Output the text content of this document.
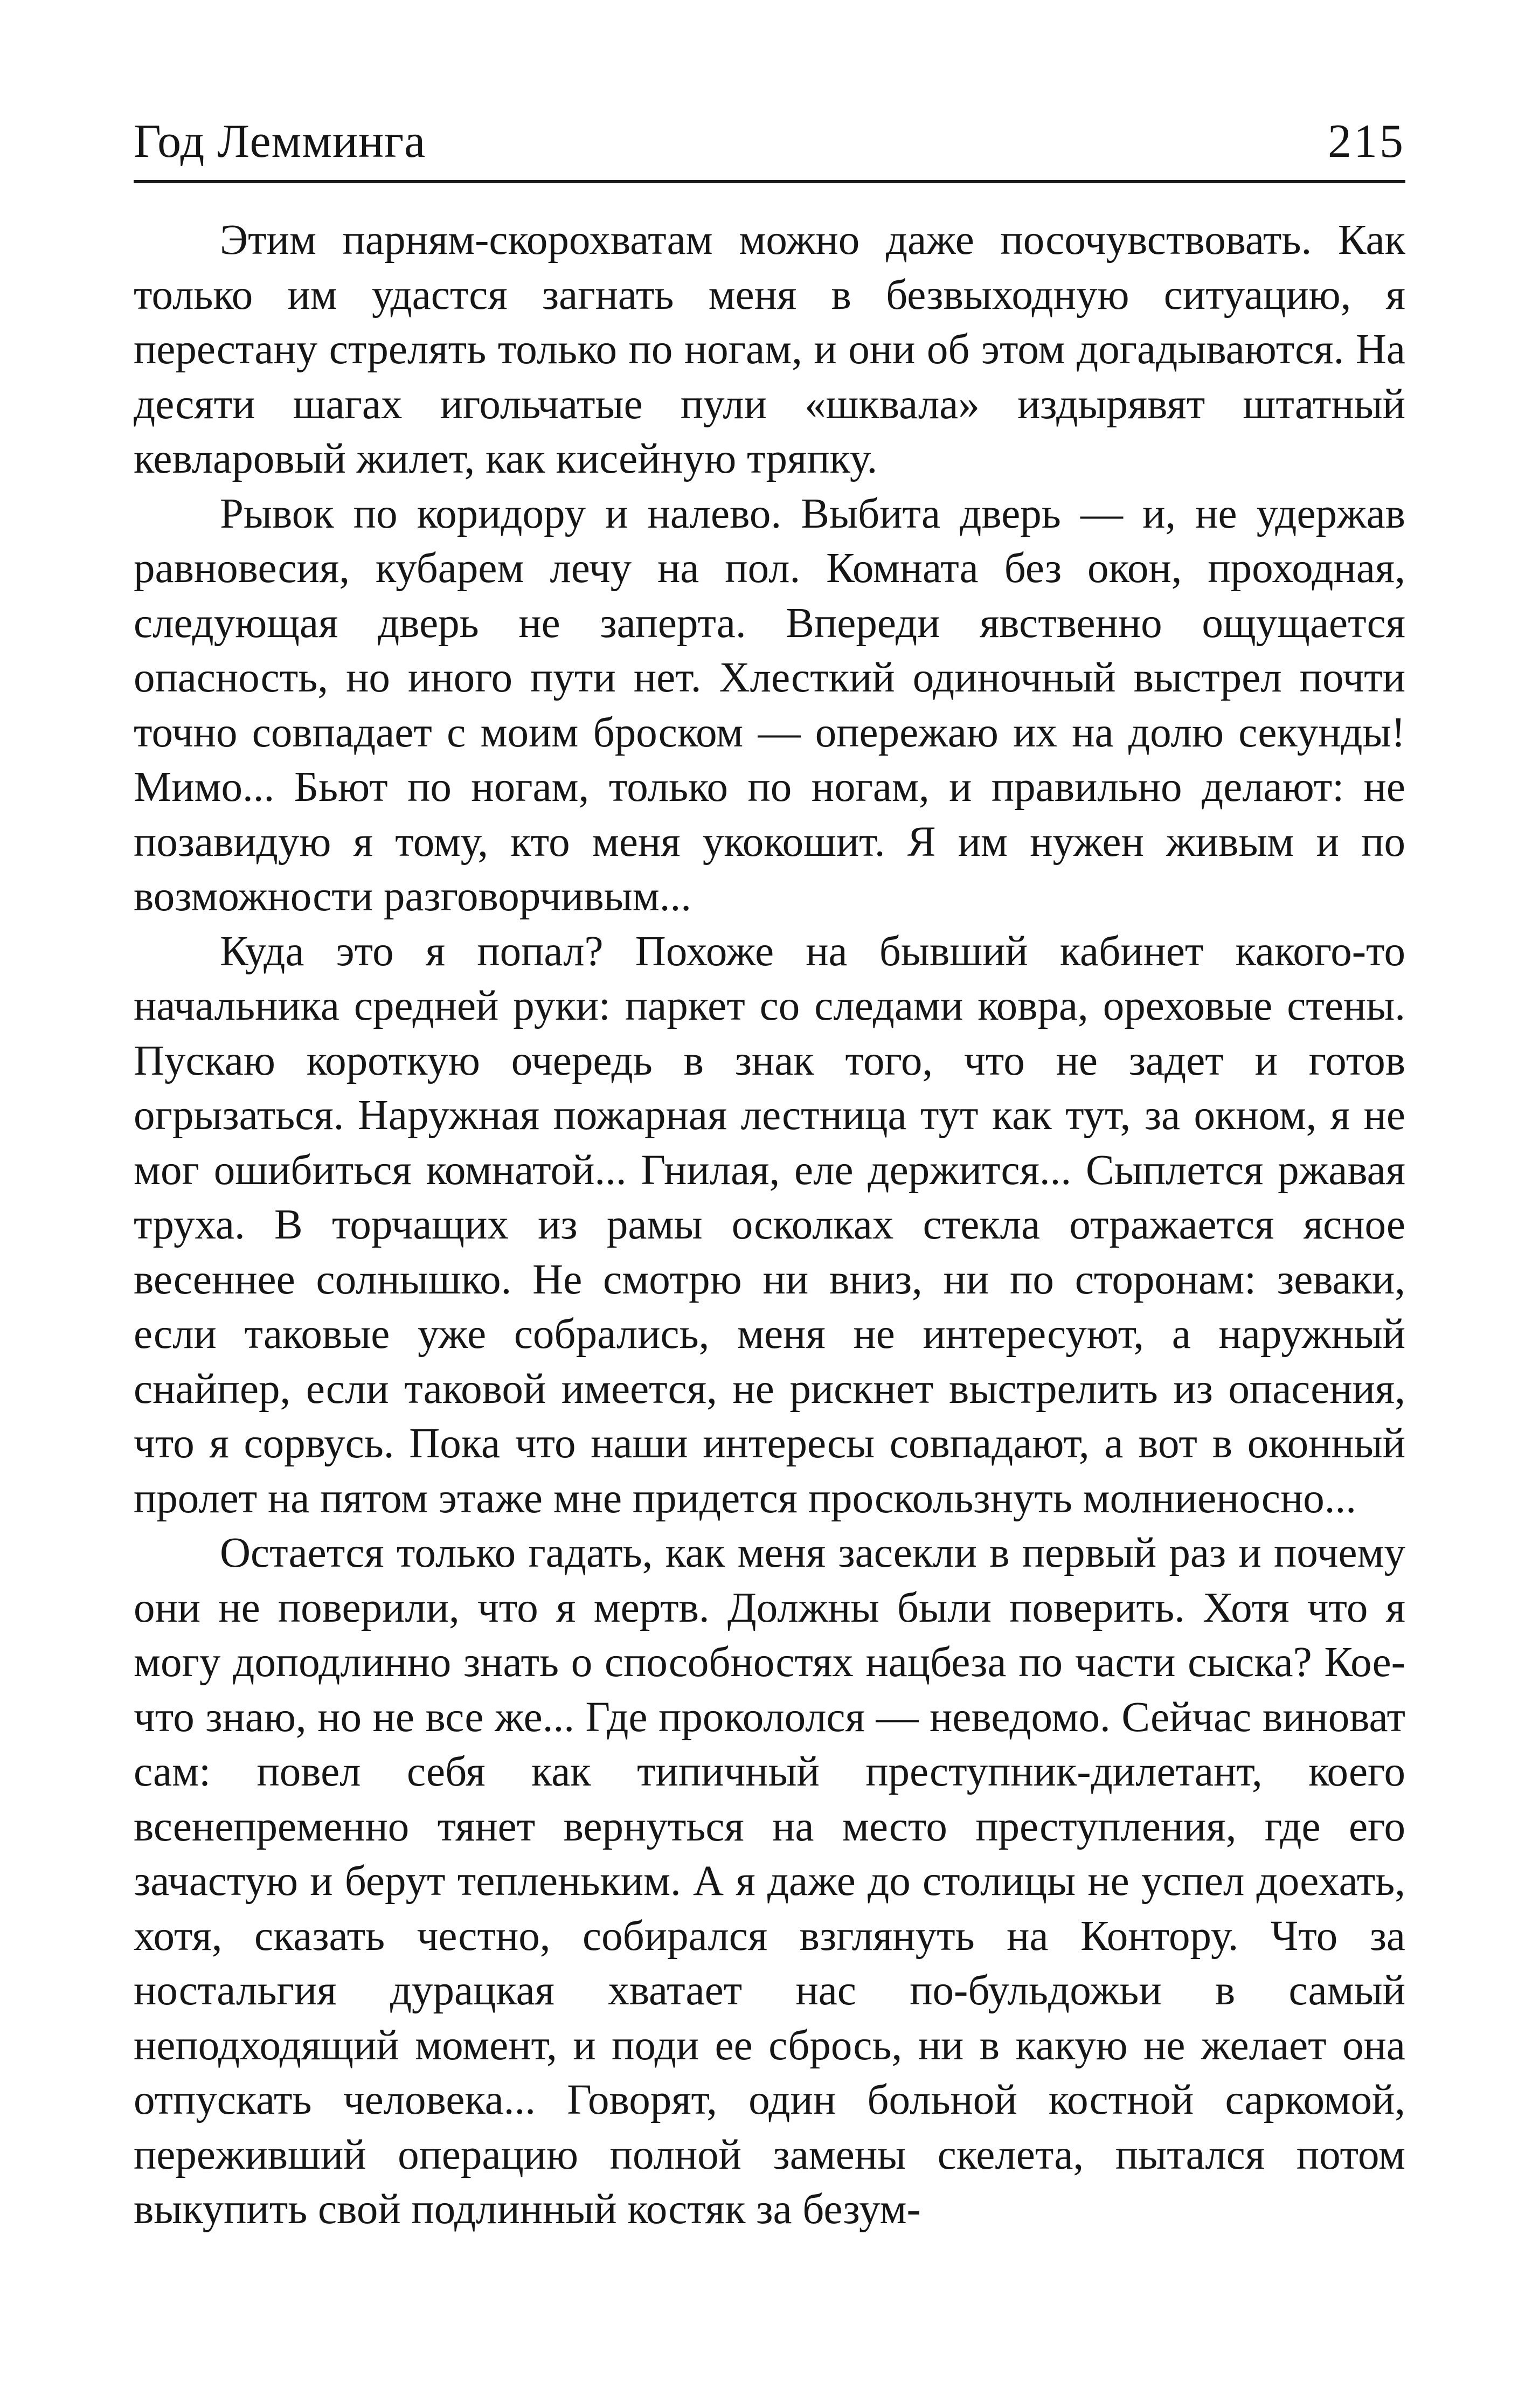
Год Лемминга	215

Этим парням-скорохватам можно даже посочувствовать. Как только им удастся загнать меня в безвыходную ситуацию, я перестану стрелять только по ногам, и они об этом догадываются. На десяти шагах игольчатые пули «шквала» издырявят штатный кевларовый жилет, как кисейную тряпку.

Рывок по коридору и налево. Выбита дверь — и, не удержав равновесия, кубарем лечу на пол. Комната без окон, проходная, следующая дверь не заперта. Впереди явственно ощущается опасность, но иного пути нет. Хлесткий одиночный выстрел почти точно совпадает с моим броском — опережаю их на долю секунды! Мимо... Бьют по ногам, только по ногам, и правильно делают: не позавидую я тому, кто меня укокошит. Я им нужен живым и по возможности разговорчивым...

Куда это я попал? Похоже на бывший кабинет какого-то начальника средней руки: паркет со следами ковра, ореховые стены. Пускаю короткую очередь в знак того, что не задет и готов огрызаться. Наружная пожарная лестница тут как тут, за окном, я не мог ошибиться комнатой... Гнилая, еле держится... Сыплется ржавая труха. В торчащих из рамы осколках стекла отражается ясное весеннее солнышко. Не смотрю ни вниз, ни по сторонам: зеваки, если таковые уже собрались, меня не интересуют, а наружный снайпер, если таковой имеется, не рискнет выстрелить из опасения, что я сорвусь. Пока что наши интересы совпадают, а вот в оконный пролет на пятом этаже мне придется проскользнуть молниеносно...

Остается только гадать, как меня засекли в первый раз и почему они не поверили, что я мертв. Должны были поверить. Хотя что я могу доподлинно знать о способностях нацбеза по части сыска? Кое-что знаю, но не все же... Где прокололся — неведомо. Сейчас виноват сам: повел себя как типичный преступник-дилетант, коего всенепременно тянет вернуться на место преступления, где его зачастую и берут тепленьким. А я даже до столицы не успел доехать, хотя, сказать честно, собирался взглянуть на Контору. Что за ностальгия дурацкая хватает нас по-бульдожьи в самый неподходящий момент, и поди ее сбрось, ни в какую не желает она отпускать человека... Говорят, один больной костной саркомой, переживший операцию полной замены скелета, пытался потом выкупить свой подлинный костяк за безум-
